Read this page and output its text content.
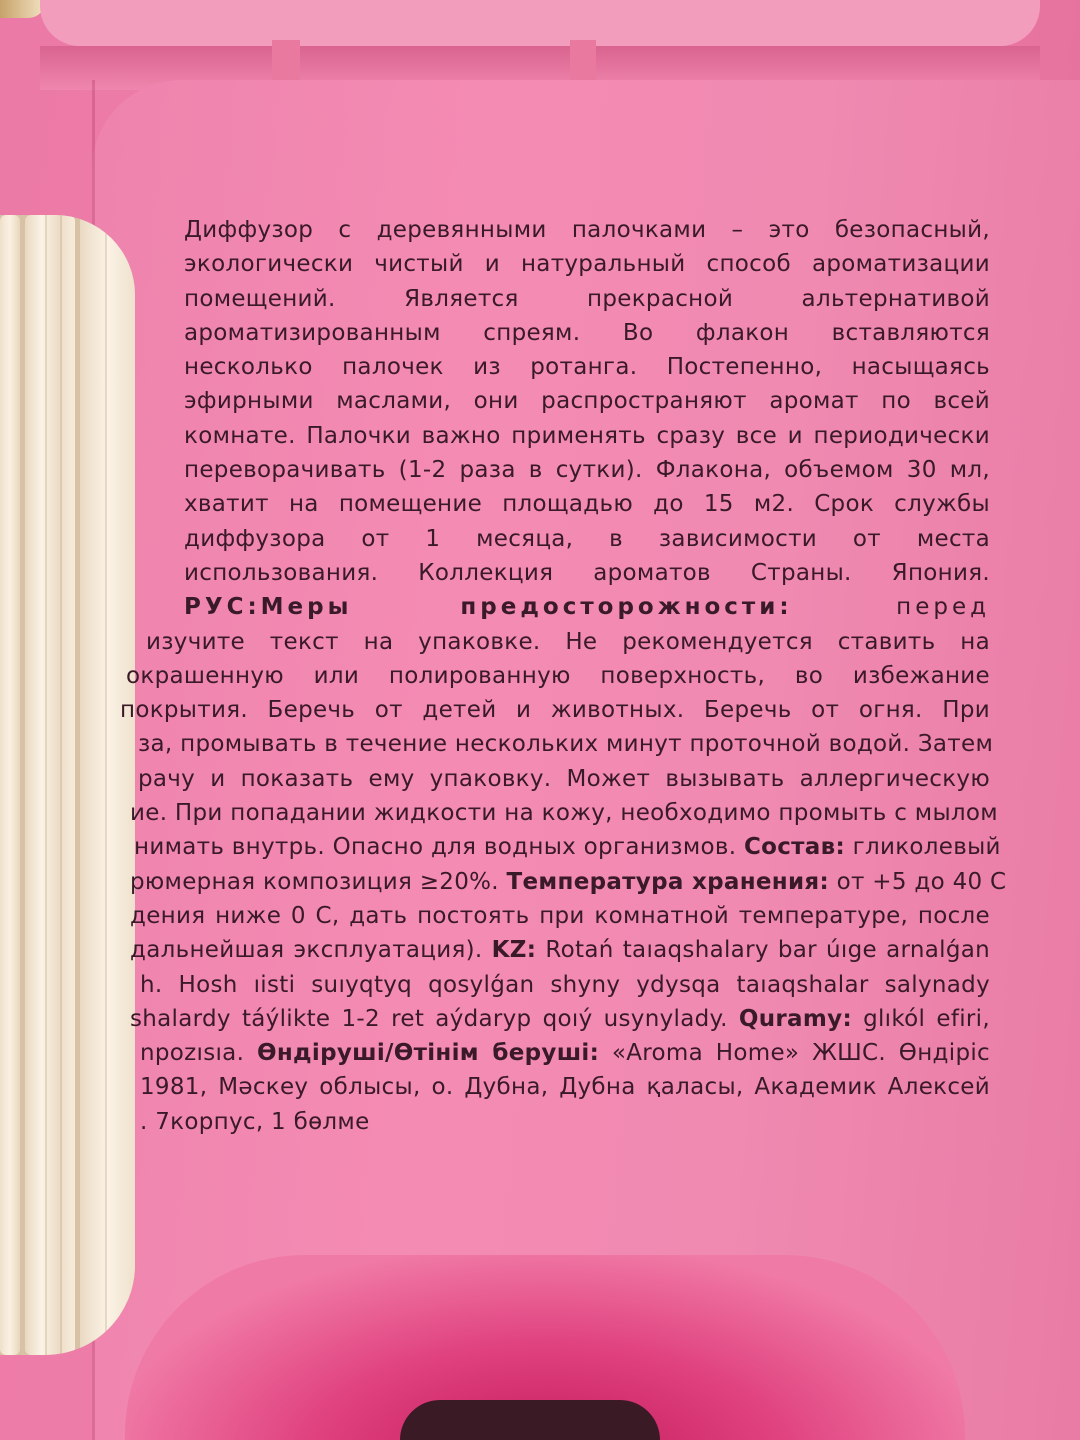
Диффузор с деревянными палочками – это безопасный,
экологически чистый и натуральный способ ароматизации
помещений. Является прекрасной альтернативой
ароматизированным спреям. Во флакон вставляются
несколько палочек из ротанга. Постепенно, насыщаясь
эфирными маслами, они распространяют аромат по всей
комнате. Палочки важно применять сразу все и периодически
переворачивать (1-2 раза в сутки). Флакона, объемом 30 мл,
хватит на помещение площадью до 15 м2. Срок службы
диффузора от 1 месяца, в зависимости от места
использования. Коллекция ароматов Страны. Япония.
РУС:Меры предосторожности:	перед
изучите текст на упаковке. Не рекомендуется ставить на
окрашенную или полированную поверхность, во избежание
покрытия. Беречь от детей и животных. Беречь от огня. При
за, промывать в течение нескольких минут проточной водой. Затем
рачу и показать ему упаковку. Может вызывать аллергическую
ие. При попадании жидкости на кожу, необходимо промыть с мылом
нимать внутрь. Опасно для водных организмов. Состав: гликолевый
рюмерная композиция ≥20%. Температура хранения: от +5 до 40 С
дения ниже 0 С, дать постоять при комнатной температуре, после
дальнейшая эксплуатация). KZ: Rotań taıaqshalary bar úıge arnalǵan
h. Hosh ıisti suıyqtyq qosylǵan shyny ydysqa taıaqshalar salynady
shalardy táýlikte 1-2 ret aýdaryp qoıý usynylady. Quramy: glıkól efiri,
npozısıa. Өндіруші/Өтінім беруші: «Aroma Home» ЖШС. Өндіріс
1981, Мәскеу облысы, о. Дубна, Дубна қаласы, Академик Алексей
. 7корпус, 1 бөлме
